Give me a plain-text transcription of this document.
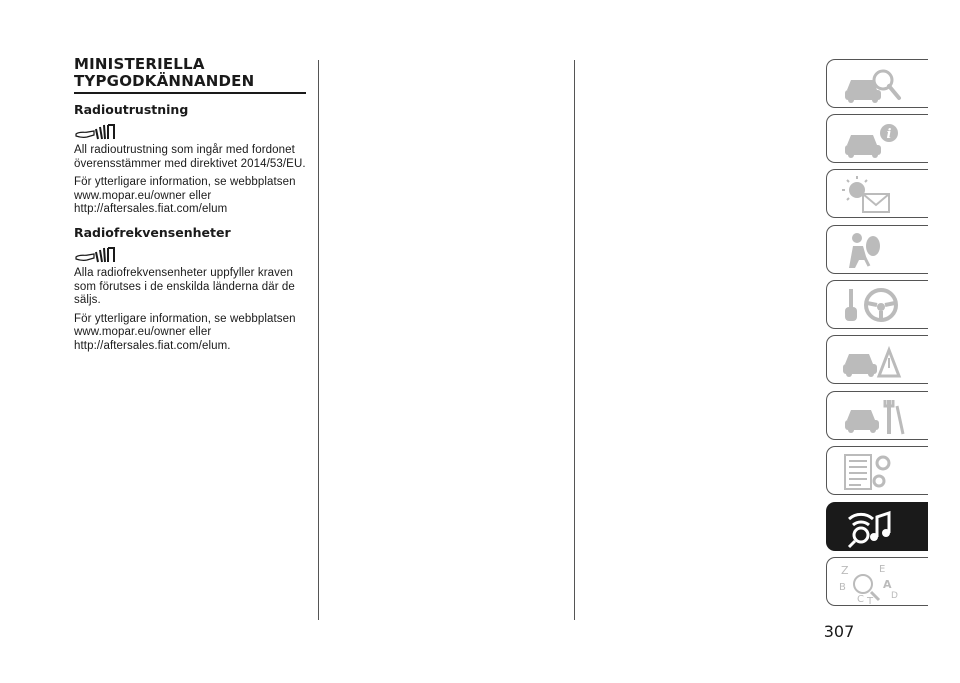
MINISTERIELLA TYPGODKÄNNANDEN
Radioutrustning

All radioutrustning som ingår med fordonet överensstämmer med direktivet 2014/53/EU.

För ytterligare information, se webbplatsen www.mopar.eu/owner eller http://aftersales.fiat.com/elum

Radiofrekvensenheter

Alla radiofrekvensenheter uppfyller kraven som förutses i de enskilda länderna där de säljs.

För ytterligare information, se webbplatsen www.mopar.eu/owner eller http://aftersales.fiat.com/elum.

i
Z	E
B	A
D
C T
307
